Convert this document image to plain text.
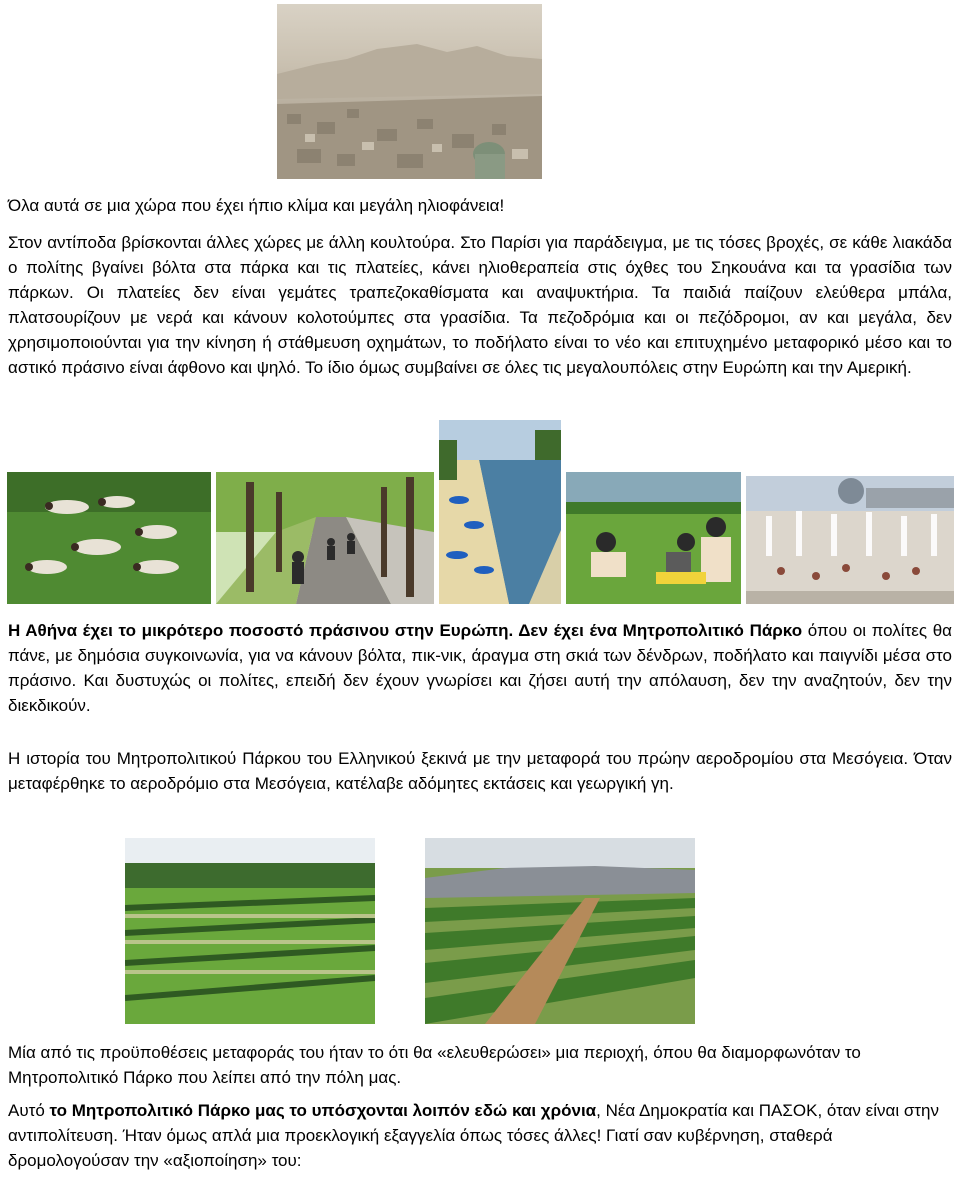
Όλα αυτά σε μια χώρα που έχει ήπιο κλίμα και μεγάλη ηλιοφάνεια!

Στον αντίποδα βρίσκονται άλλες χώρες με άλλη κουλτούρα. Στο Παρίσι για παράδειγμα, με τις τόσες βροχές, σε κάθε λιακάδα ο πολίτης βγαίνει βόλτα στα πάρκα και τις πλατείες, κάνει ηλιοθεραπεία στις όχθες του Σηκουάνα και τα γρασίδια των πάρκων. Οι πλατείες δεν είναι γεμάτες τραπεζοκαθίσματα και αναψυκτήρια. Τα παιδιά παίζουν ελεύθερα μπάλα, πλατσουρίζουν με νερά και κάνουν κολοτούμπες στα γρασίδια. Τα πεζοδρόμια και οι πεζόδρομοι, αν και μεγάλα, δεν χρησιμοποιούνται για την κίνηση ή στάθμευση οχημάτων, το ποδήλατο είναι το νέο και επιτυχημένο μεταφορικό μέσο και το αστικό πράσινο είναι άφθονο και ψηλό. Το ίδιο όμως συμβαίνει σε όλες τις μεγαλουπόλεις στην Ευρώπη και την Αμερική.

Η Αθήνα έχει το μικρότερο ποσοστό πράσινου στην Ευρώπη. Δεν έχει ένα Μητροπολιτικό Πάρκο όπου οι πολίτες θα πάνε, με δημόσια συγκοινωνία, για να κάνουν βόλτα, πικ-νικ, άραγμα στη σκιά των δένδρων, ποδήλατο και παιγνίδι μέσα στο πράσινο. Και δυστυχώς οι πολίτες, επειδή δεν έχουν γνωρίσει και ζήσει αυτή την απόλαυση, δεν την αναζητούν, δεν την διεκδικούν.

Η ιστορία του Μητροπολιτικού Πάρκου του Ελληνικού ξεκινά με την μεταφορά του πρώην αεροδρομίου στα Μεσόγεια. Όταν μεταφέρθηκε το αεροδρόμιο στα Μεσόγεια, κατέλαβε αδόμητες εκτάσεις και γεωργική γη.

Μία από τις προϋποθέσεις μεταφοράς του ήταν το ότι θα «ελευθερώσει» μια περιοχή, όπου θα διαμορφωνόταν το Μητροπολιτικό Πάρκο που λείπει από την πόλη μας.

Αυτό το Μητροπολιτικό Πάρκο μας το υπόσχονται λοιπόν εδώ και χρόνια, Νέα Δημοκρατία και ΠΑΣΟΚ, όταν είναι στην αντιπολίτευση. Ήταν όμως απλά μια προεκλογική εξαγγελία όπως τόσες άλλες! Γιατί σαν κυβέρνηση, σταθερά δρομολογούσαν την «αξιοποίηση» του:
